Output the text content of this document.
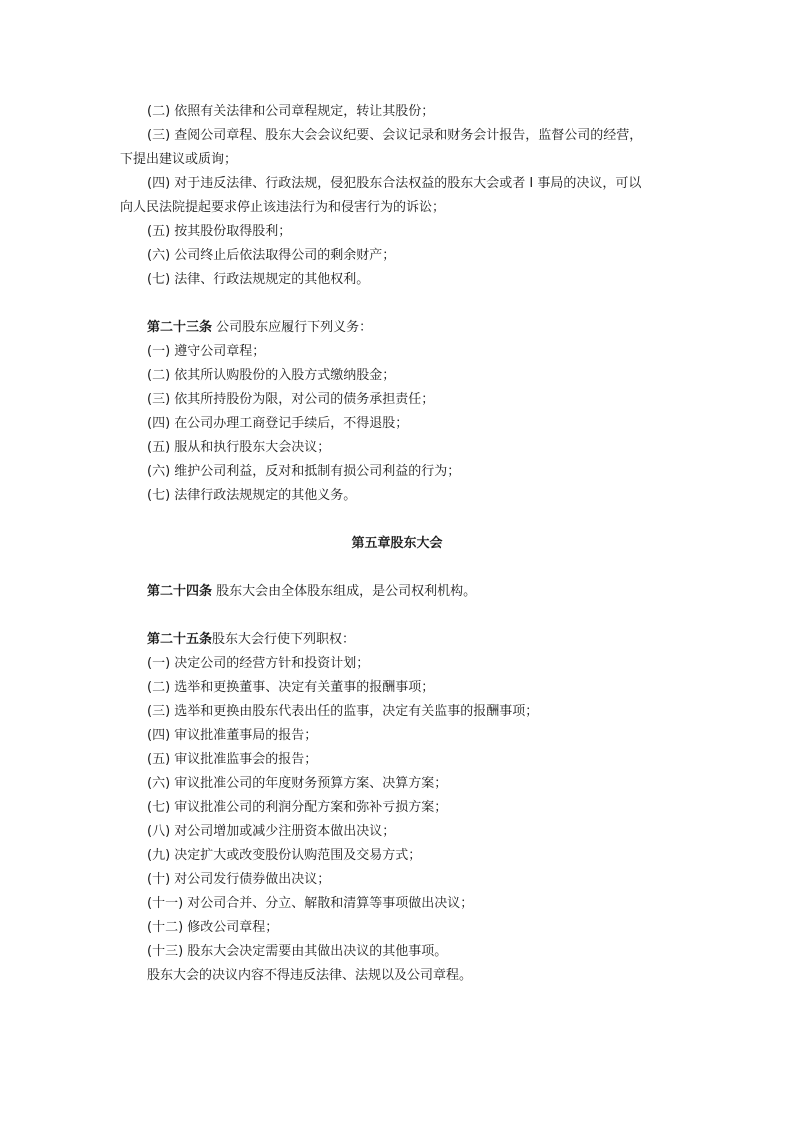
(二) 依照有关法律和公司章程规定，转让其股份；
(三) 查阅公司章程、股东大会会议纪要、会议记录和财务会计报告，监督公司的经营，
下提出建议或质询；
(四) 对于违反法律、行政法规，侵犯股东合法权益的股东大会或者 I 事局的决议，可以
向人民法院提起要求停止该违法行为和侵害行为的诉讼；
(五) 按其股份取得股利；
(六) 公司终止后依法取得公司的剩余财产；
(七) 法律、行政法规规定的其他权利。
第二十三条 公司股东应履行下列义务：
(一) 遵守公司章程；
(二) 依其所认购股份的入股方式缴纳股金；
(三) 依其所持股份为限，对公司的债务承担责任；
(四) 在公司办理工商登记手续后，不得退股；
(五) 服从和执行股东大会决议；
(六) 维护公司利益，反对和抵制有损公司利益的行为；
(七) 法律行政法规规定的其他义务。
第五章股东大会
第二十四条 股东大会由全体股东组成，是公司权利机构。
第二十五条股东大会行使下列职权：
(一) 决定公司的经营方针和投资计划；
(二) 选举和更换董事、决定有关董事的报酬事项；
(三) 选举和更换由股东代表出任的监事，决定有关监事的报酬事项；
(四) 审议批准董事局的报告；
(五) 审议批准监事会的报告；
(六) 审议批准公司的年度财务预算方案、决算方案；
(七) 审议批准公司的利润分配方案和弥补亏损方案；
(八) 对公司增加或减少注册资本做出决议；
(九) 决定扩大或改变股份认购范围及交易方式；
(十) 对公司发行债券做出决议；
(十一) 对公司合并、分立、解散和清算等事项做出决议；
(十二) 修改公司章程；
(十三) 股东大会决定需要由其做出决议的其他事项。
股东大会的决议内容不得违反法律、法规以及公司章程。
